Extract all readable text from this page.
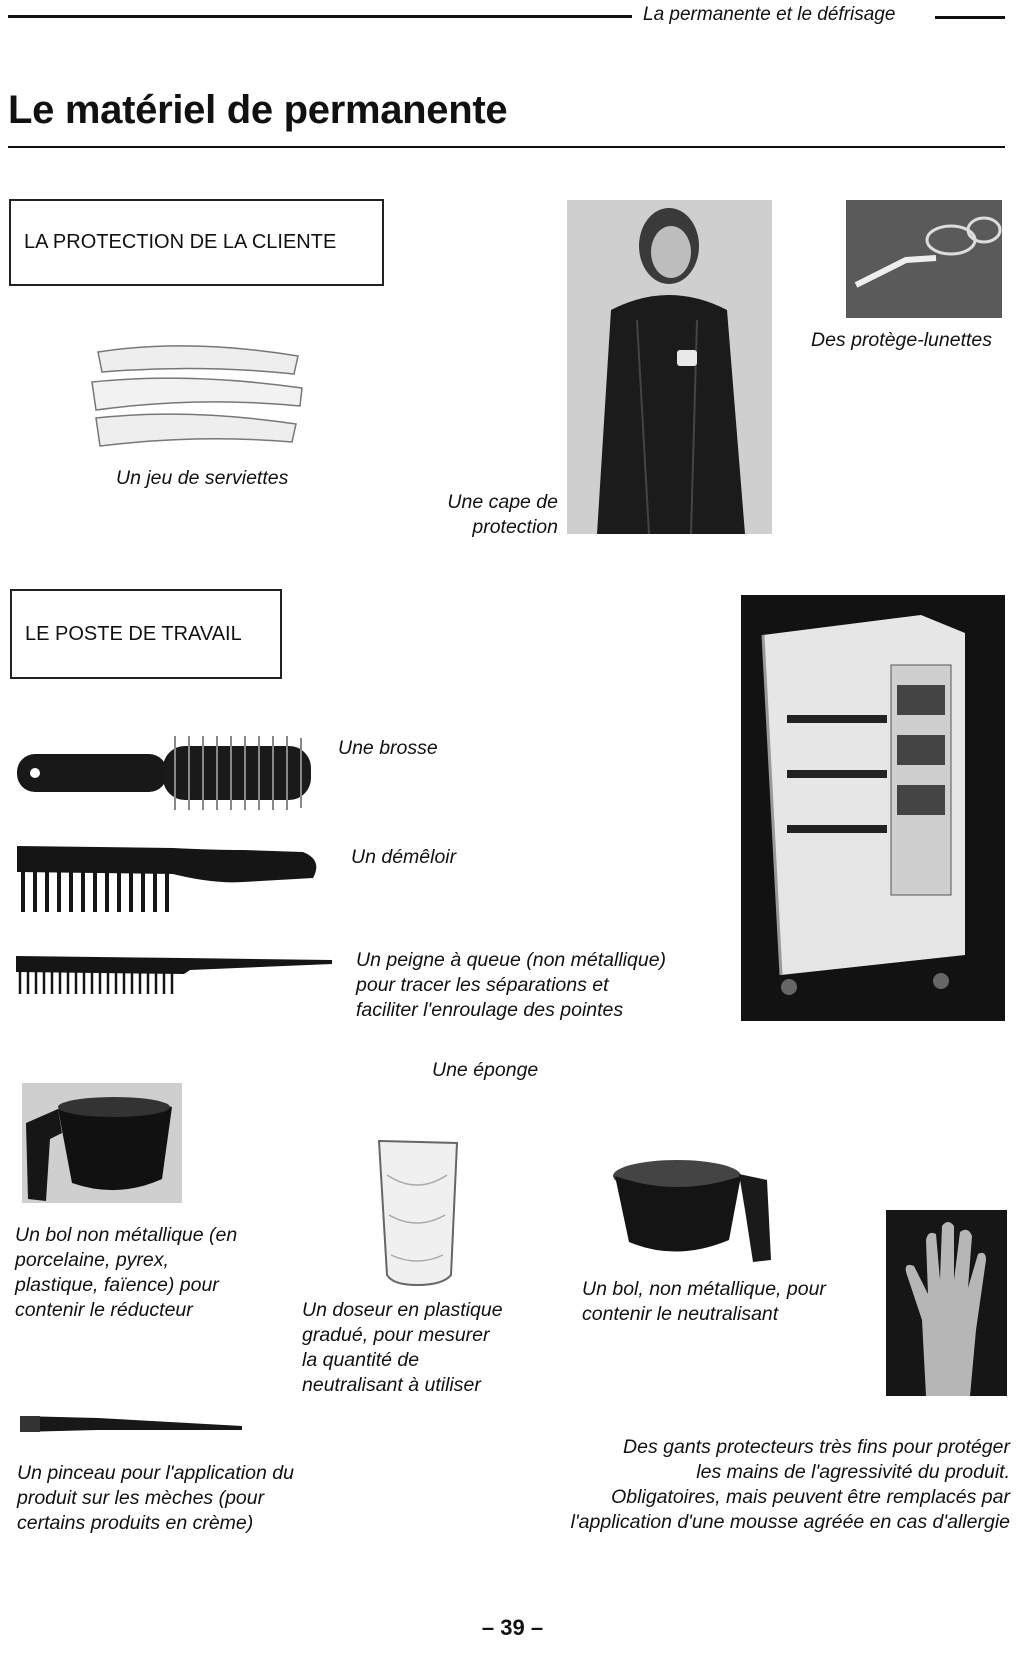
La permanente et le défrisage
Le matériel de permanente
LA PROTECTION DE LA CLIENTE
Un jeu de serviettes
Une cape de
protection
Des protège-lunettes
LE POSTE DE TRAVAIL
Une brosse
Un démêloir
Un peigne à queue (non métallique)
pour tracer les séparations et
faciliter l'enroulage des pointes
Une éponge
Un bol non métallique (en
porcelaine, pyrex,
plastique, faïence) pour
contenir le réducteur	Un doseur en plastique
gradué, pour mesurer
la quantité de
neutralisant à utiliser
Un bol, non métallique, pour
contenir le neutralisant
Un pinceau pour l'application du
produit sur les mèches (pour
certains produits en crème)
Des gants protecteurs très fins pour protéger
les mains de l'agressivité du produit.
Obligatoires, mais peuvent être remplacés par
l'application d'une mousse agréée en cas d'allergie
– 39 –
